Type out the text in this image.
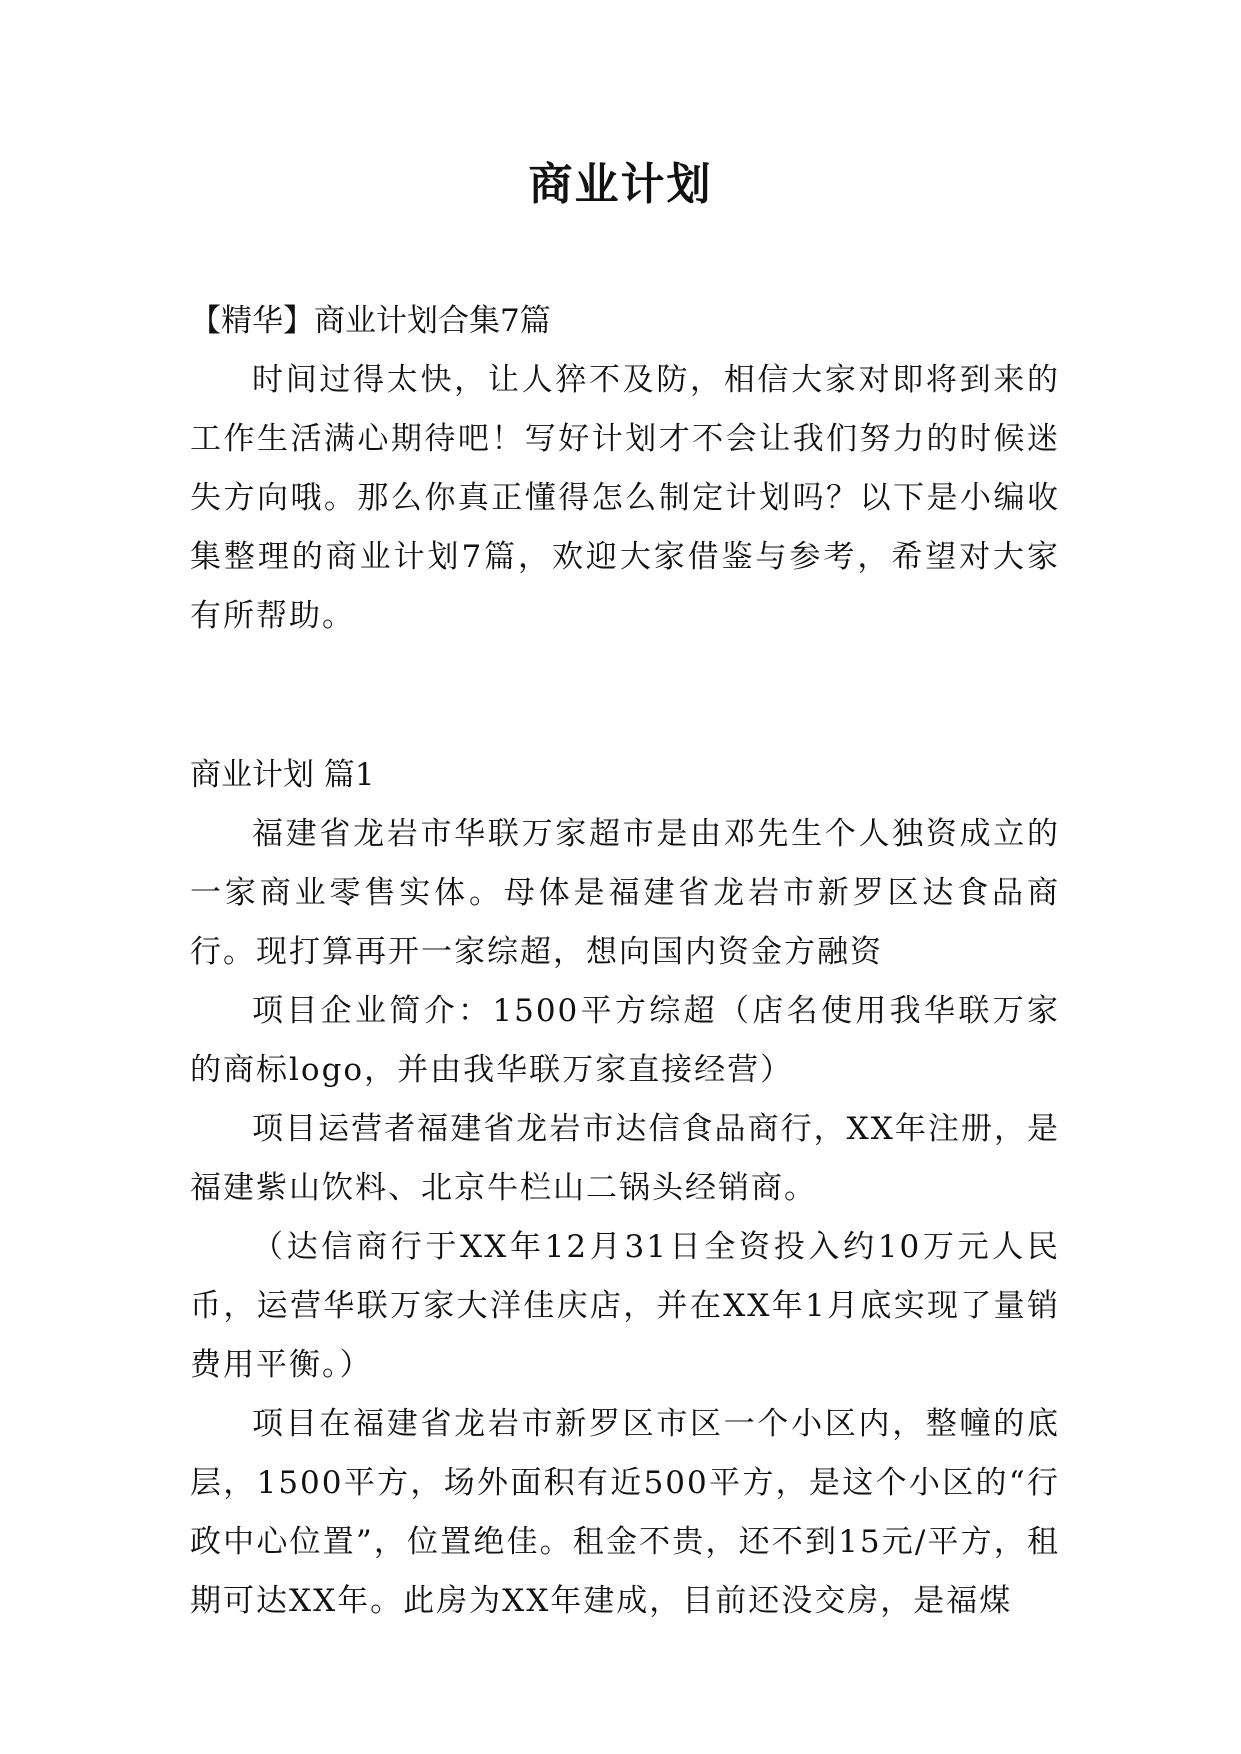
商业计划

【精华】商业计划合集7篇

时间过得太快，让人猝不及防，相信大家对即将到来的工作生活满心期待吧！写好计划才不会让我们努力的时候迷失方向哦。那么你真正懂得怎么制定计划吗？以下是小编收集整理的商业计划7篇，欢迎大家借鉴与参考，希望对大家有所帮助。

商业计划 篇1

福建省龙岩市华联万家超市是由邓先生个人独资成立的一家商业零售实体。母体是福建省龙岩市新罗区达食品商行。现打算再开一家综超，想向国内资金方融资

项目企业简介：1500平方综超（店名使用我华联万家的商标logo，并由我华联万家直接经营）

项目运营者福建省龙岩市达信食品商行，XX年注册，是福建紫山饮料、北京牛栏山二锅头经销商。

（达信商行于XX年12月31日全资投入约10万元人民币，运营华联万家大洋佳庆店，并在XX年1月底实现了量销费用平衡。）

项目在福建省龙岩市新罗区市区一个小区内，整幢的底层，1500平方，场外面积有近500平方，是这个小区的“行政中心位置”，位置绝佳。租金不贵，还不到15元/平方，租期可达XX年。此房为XX年建成，目前还没交房，是福煤
